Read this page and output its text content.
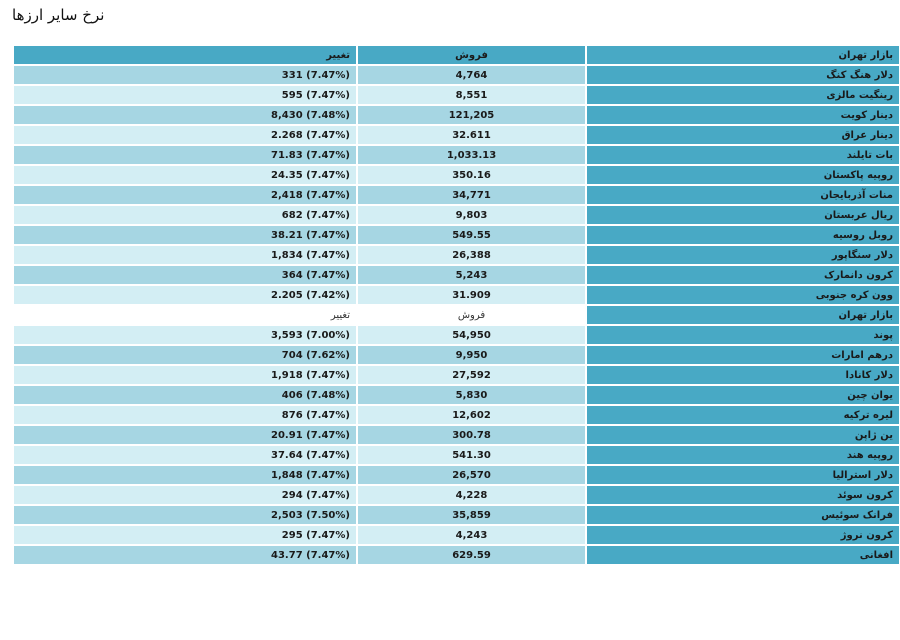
نرخ سایر ارزها
تغییر	فروش	بازار تهران
(7.47%) 331	4,764	دلار هنگ کنگ
(7.47%) 595	8,551	رینگیت مالزی
(7.48%) 8,430	121,205	دینار کویت
(7.47%) 2.268	32.611	دینار عراق
(7.47%) 71.83	1,033.13	بات تایلند
(7.47%) 24.35	350.16	روپیه پاکستان
(7.47%) 2,418	34,771	منات آذربایجان
(7.47%) 682	9,803	ریال عربستان
(7.47%) 38.21	549.55	روبل روسیه
(7.47%) 1,834	26,388	دلار سنگاپور
(7.47%) 364	5,243	کرون دانمارک
(7.42%) 2.205	31.909	وون کره جنوبی
تغییر	فروش	بازار تهران
(7.00%) 3,593	54,950	پوند
(7.62%) 704	9,950	درهم امارات
(7.47%) 1,918	27,592	دلار کانادا
(7.48%) 406	5,830	یوان چین
(7.47%) 876	12,602	لیره ترکیه
(7.47%) 20.91	300.78	ین ژاپن
(7.47%) 37.64	541.30	روپیه هند
(7.47%) 1,848	26,570	دلار استرالیا
(7.47%) 294	4,228	کرون سوئد
(7.50%) 2,503	35,859	فرانک سوئیس
(7.47%) 295	4,243	کرون نروژ
(7.47%) 43.77	629.59	افغانی
